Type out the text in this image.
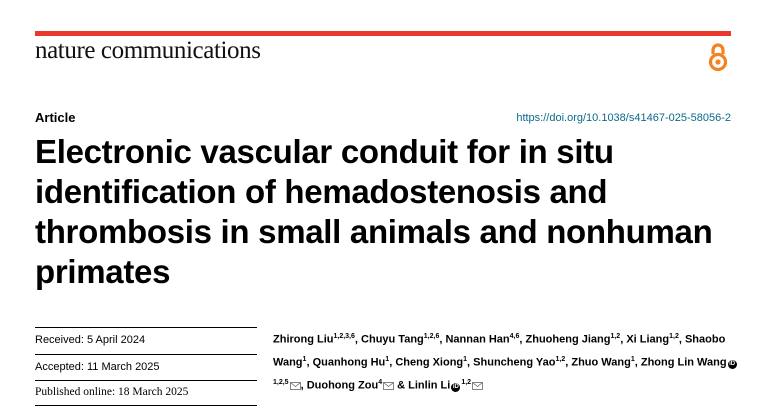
nature communications
Article	https://doi.org/10.1038/s41467-025-58056-2
Electronic vascular conduit for in situ identification of hemadostenosis and thrombosis in small animals and nonhuman primates
Received: 5 April 2024
Accepted: 11 March 2025
Published online: 18 March 2025
Zhirong Liu$^{1,2,3,6}$, Chuyu Tang$^{1,2,6}$, Nannan Han$^{4,6}$, Zhuoheng Jiang$^{1,2}$, Xi Liang$^{1,2}$, Shaobo Wang$^1$, Quanhong Hu$^1$, Cheng Xiong$^1$, Shuncheng Yao$^{1,2}$, Zhuo Wang$^1$, Zhong Lin Wang iD$^{1,2,5}$ , Duohong Zou$^4$ & Linlin Li iD$^{1,2}$
